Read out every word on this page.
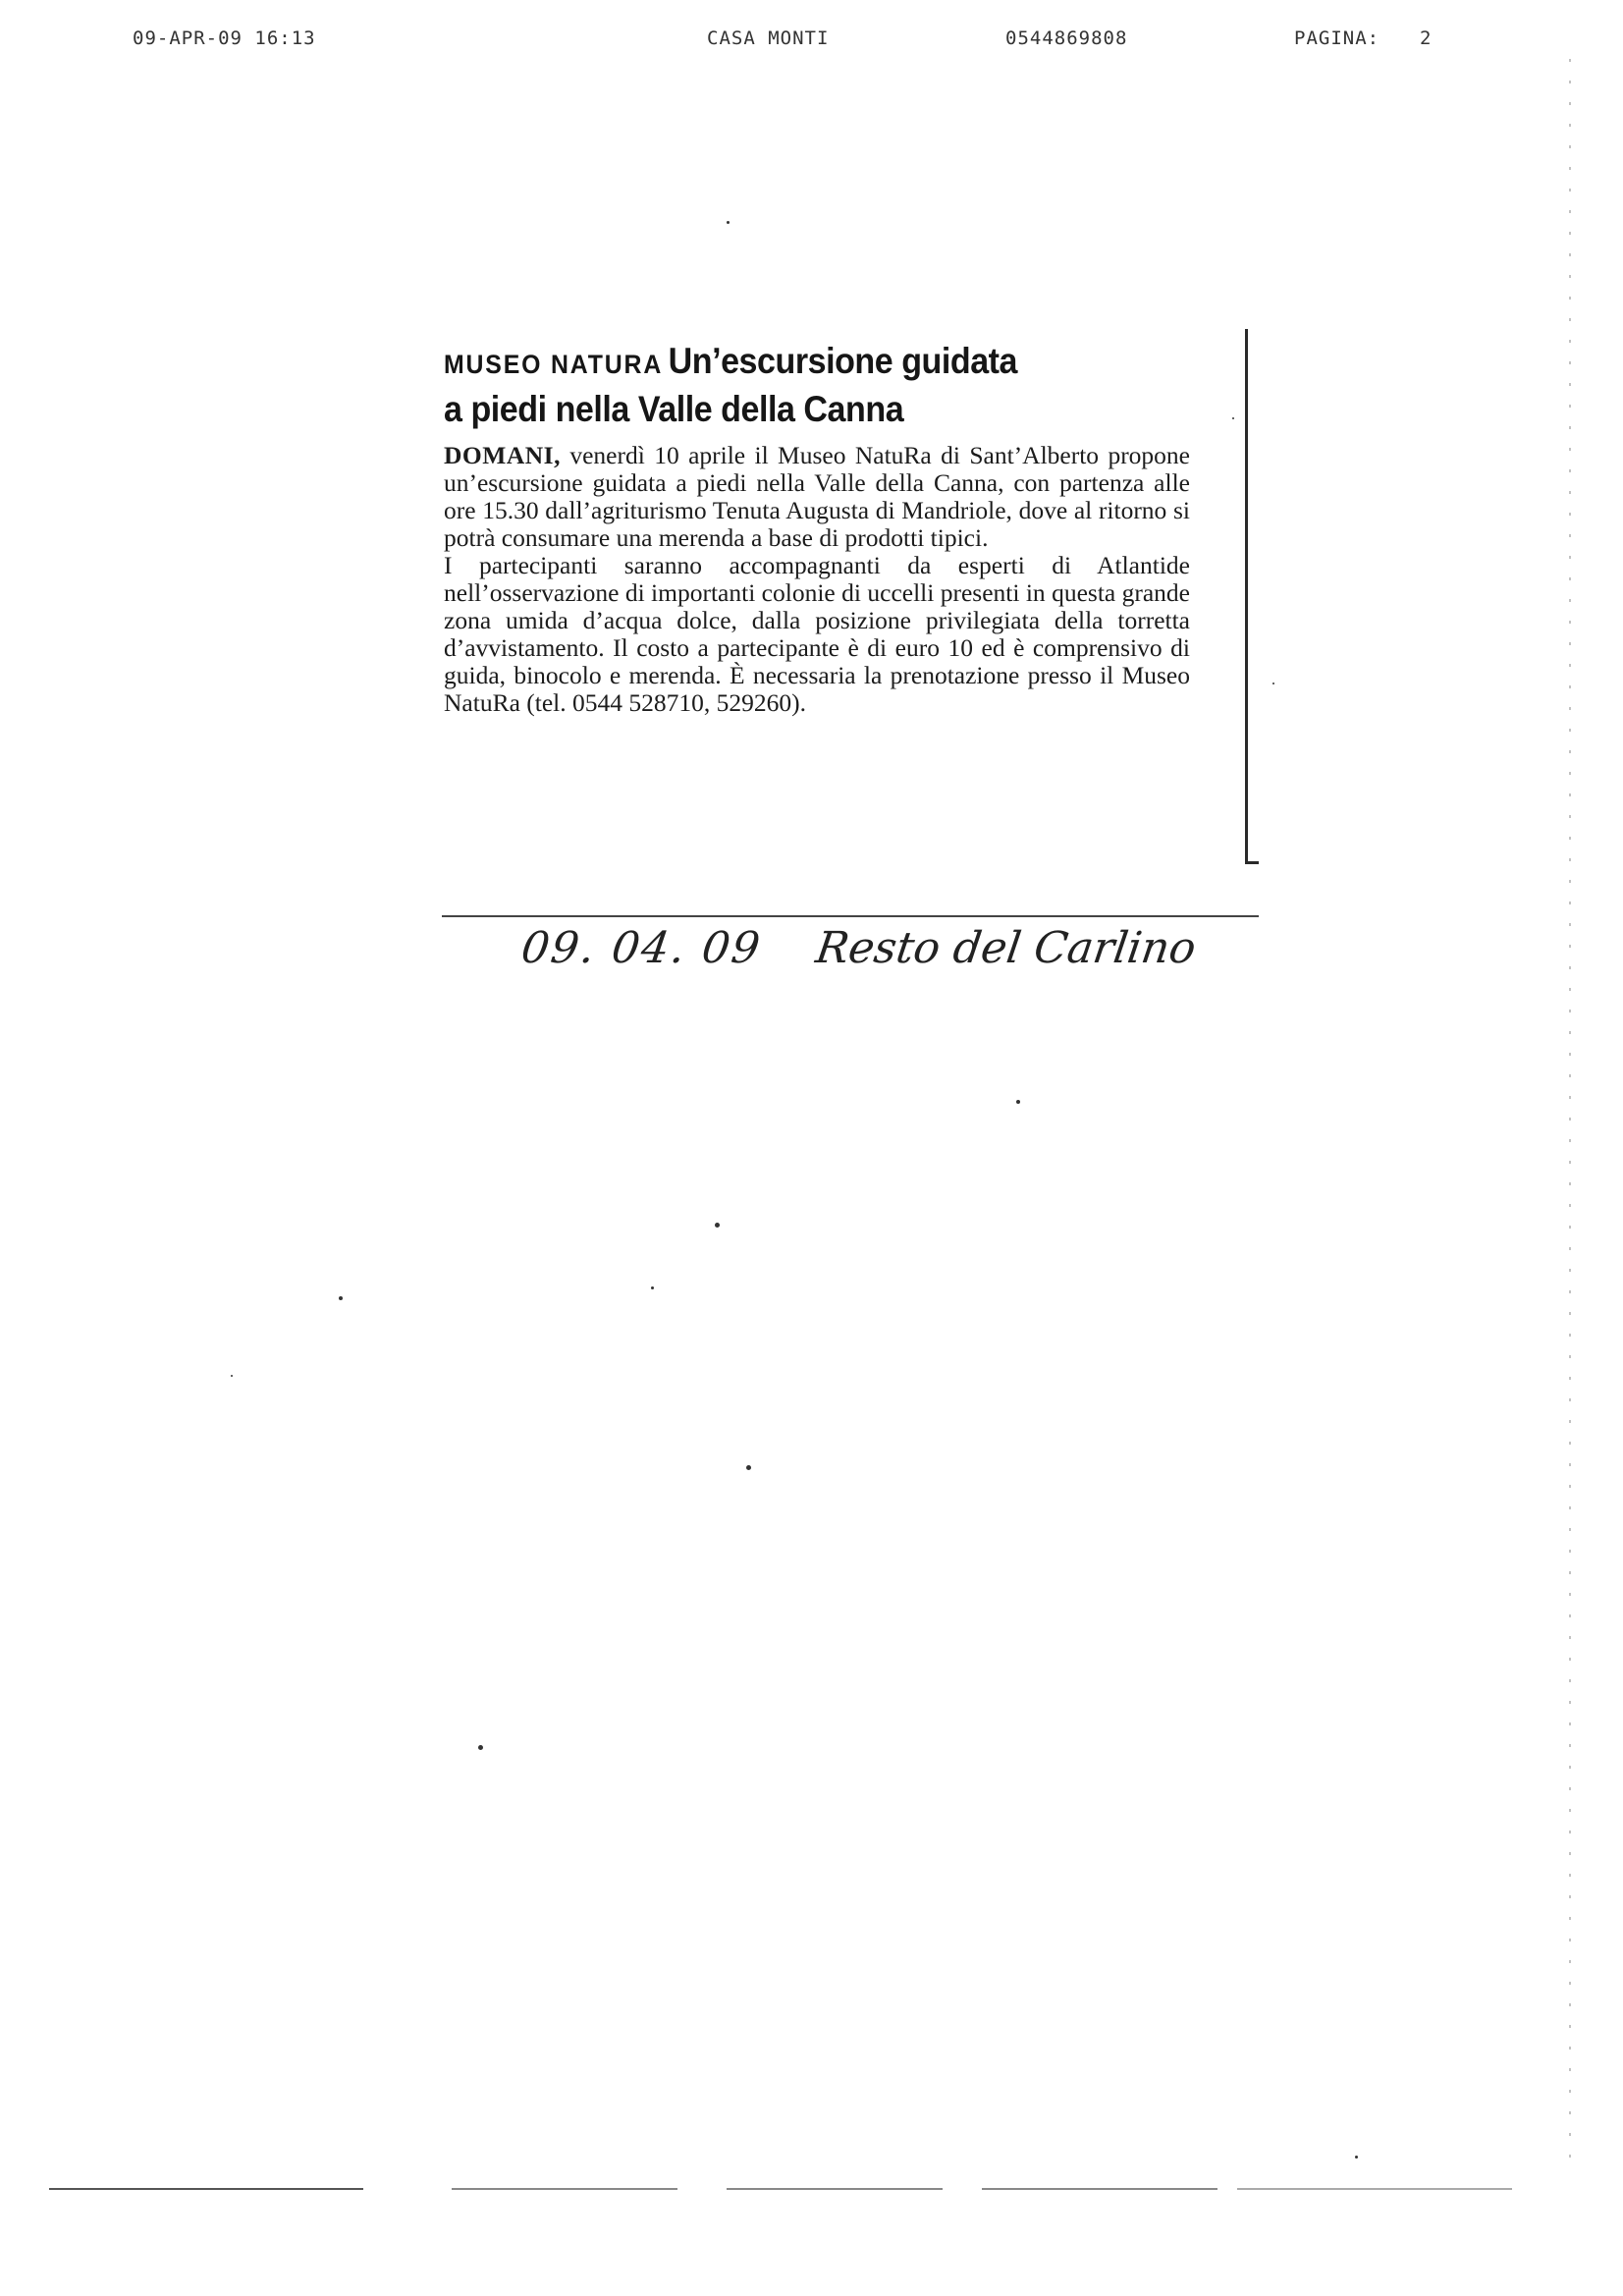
09-APR-09 16:13	CASA MONTI	0544869808	PAGINA: 2
MUSEO NATURA Un’escursione guidata
a piedi nella Valle della Canna

DOMANI, venerdì 10 aprile il Museo NatuRa di Sant’Alberto propone un’escursione guidata a piedi nella Valle della Canna, con partenza alle ore 15.30 dall’agriturismo Tenuta Augusta di Mandriole, dove al ritorno si potrà consumare una merenda a base di prodotti tipici.

I partecipanti saranno accompagnanti da esperti di Atlantide nell’osservazione di importanti colonie di uccelli presenti in questa grande zona umida d’acqua dolce, dalla posizione privilegiata della torretta d’avvistamento. Il costo a partecipante è di euro 10 ed è comprensivo di guida, binocolo e merenda. È necessaria la prenotazione presso il Museo NatuRa (tel. 0544 528710, 529260).

09. 04. 09 Resto del Carlino
